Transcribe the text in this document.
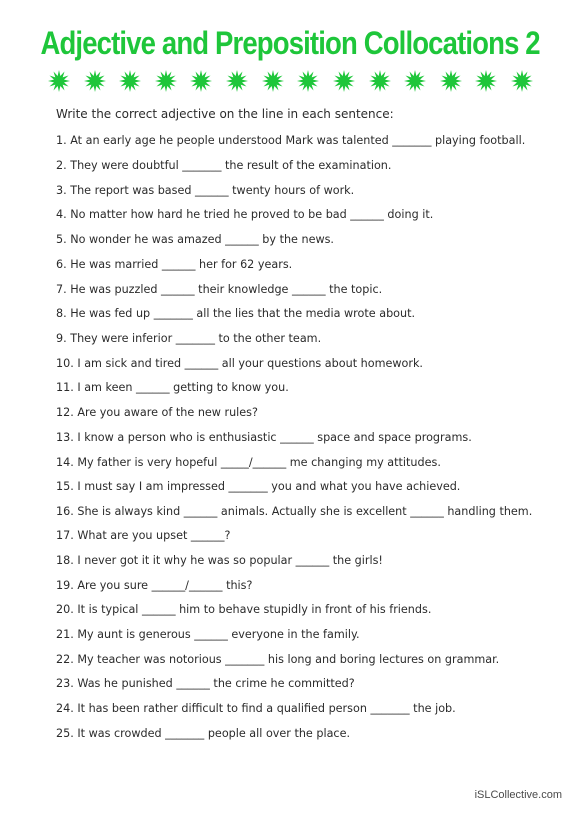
Adjective and Preposition Collocations 2
Write the correct adjective on the line in each sentence:
1. At an early age he people understood Mark was talented _______ playing football.
2. They were doubtful _______ the result of the examination.
3. The report was based ______ twenty hours of work.
4. No matter how hard he tried he proved to be bad ______ doing it.
5. No wonder he was amazed ______ by the news.
6. He was married ______ her for 62 years.
7. He was puzzled ______ their knowledge ______ the topic.
8. He was fed up _______ all the lies that the media wrote about.
9. They were inferior _______ to the other team.
10. I am sick and tired ______ all your questions about homework.
11. I am keen ______ getting to know you.
12. Are you aware of the new rules?
13. I know a person who is enthusiastic ______ space and space programs.
14. My father is very hopeful _____/______ me changing my attitudes.
15. I must say I am impressed _______ you and what you have achieved.
16. She is always kind ______ animals. Actually she is excellent ______ handling them.
17. What are you upset ______?
18. I never got it it why he was so popular ______ the girls!
19. Are you sure ______/______ this?
20. It is typical ______ him to behave stupidly in front of his friends.
21. My aunt is generous ______ everyone in the family.
22. My teacher was notorious _______ his long and boring lectures on grammar.
23. Was he punished ______ the crime he committed?
24. It has been rather difficult to find a qualified person _______ the job.
25. It was crowded _______ people all over the place.
iSLCollective.com
